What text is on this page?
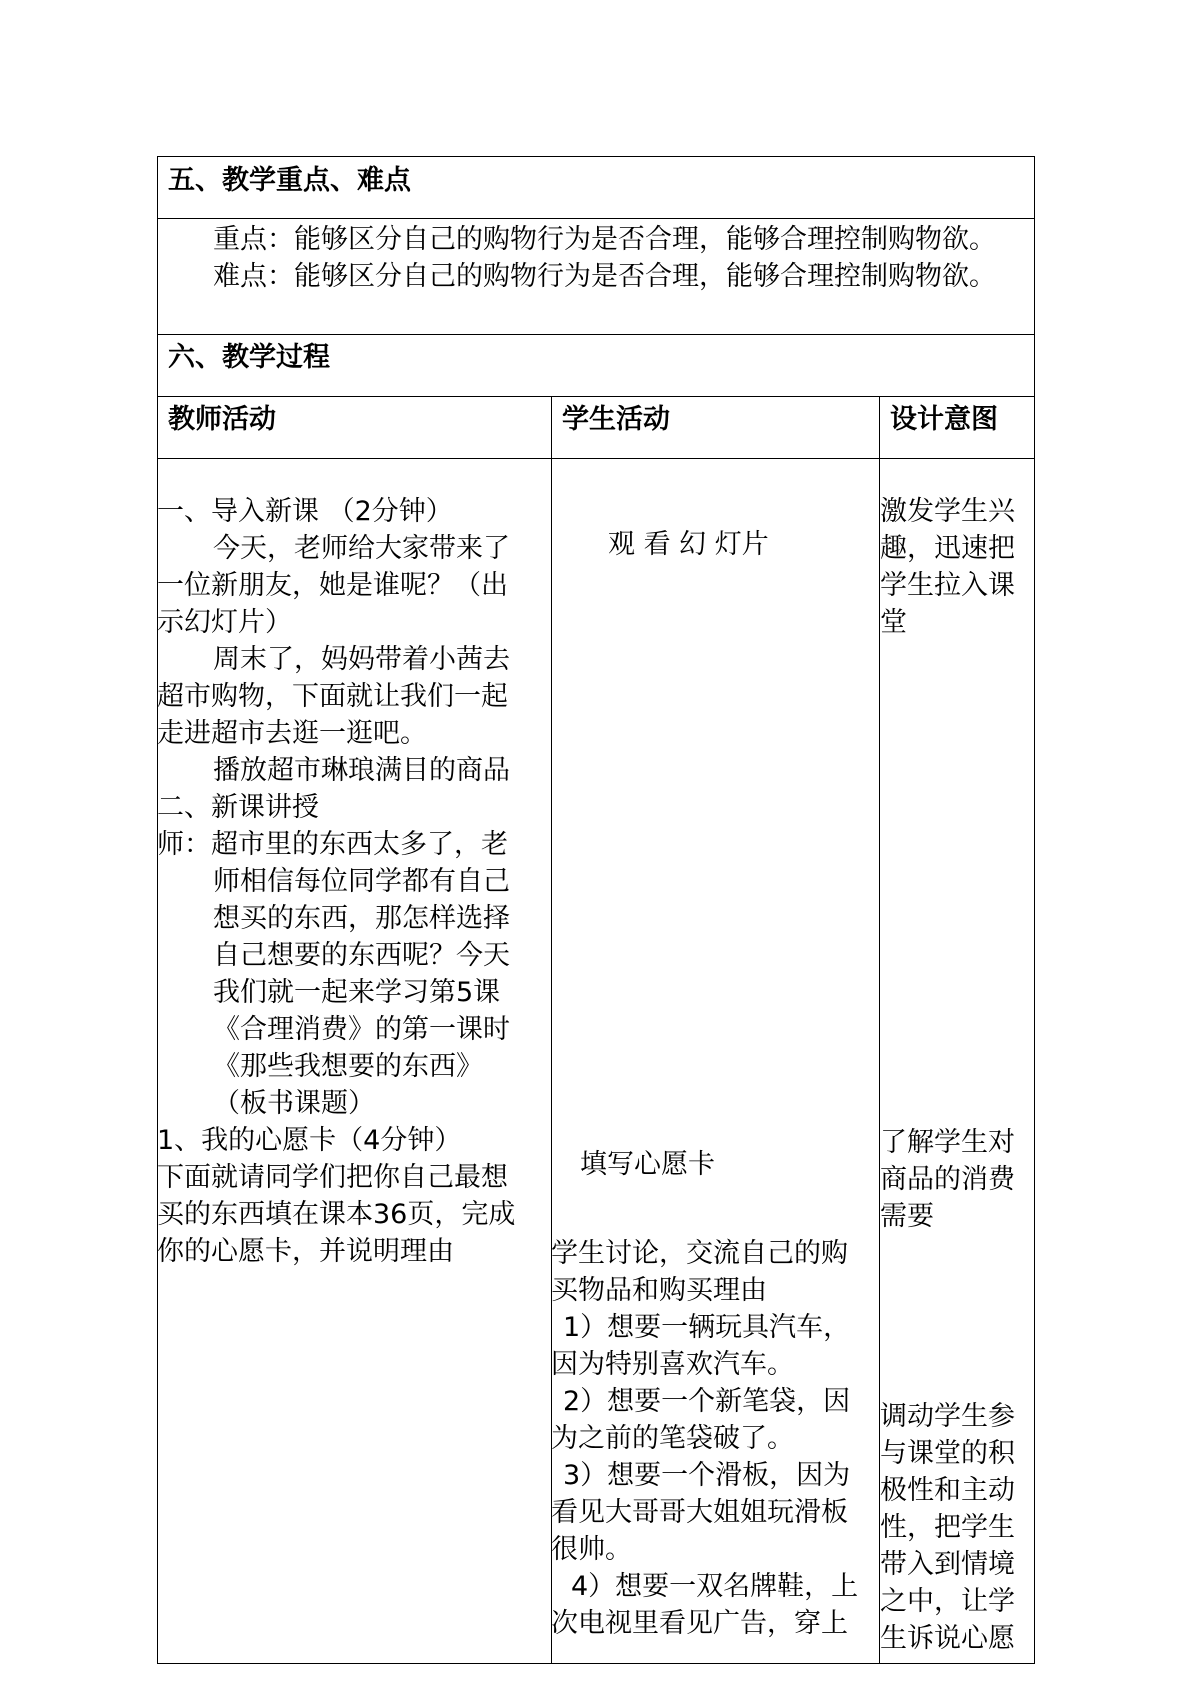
五、教学重点、难点
重点：能够区分自己的购物行为是否合理，能够合理控制购物欲。
难点：能够区分自己的购物行为是否合理，能够合理控制购物欲。
六、教学过程
教师活动	学生活动	设计意图
一、导入新课 （2分钟）
今天，老师给大家带来了
一位新朋友，她是谁呢？（出
示幻灯片）
周末了，妈妈带着小茜去
超市购物，下面就让我们一起
走进超市去逛一逛吧。
播放超市琳琅满目的商品
二、新课讲授
师：超市里的东西太多了，老
师相信每位同学都有自己
想买的东西，那怎样选择
自己想要的东西呢？今天
我们就一起来学习第5课
《合理消费》的第一课时
《那些我想要的东西》
（板书课题）
1、我的心愿卡（4分钟）
下面就请同学们把你自己最想
买的东西填在课本36页，完成
你的心愿卡，并说明理由
观 看 幻 灯片
填写心愿卡
学生讨论，交流自己的购
买物品和购买理由
1）想要一辆玩具汽车，
因为特别喜欢汽车。
2）想要一个新笔袋，因
为之前的笔袋破了。
3）想要一个滑板，因为
看见大哥哥大姐姐玩滑板
很帅。
4）想要一双名牌鞋，上
次电视里看见广告，穿上
激发学生兴
趣，迅速把
学生拉入课
堂
了解学生对
商品的消费
需要
调动学生参
与课堂的积
极性和主动
性，把学生
带入到情境
之中，让学
生诉说心愿
